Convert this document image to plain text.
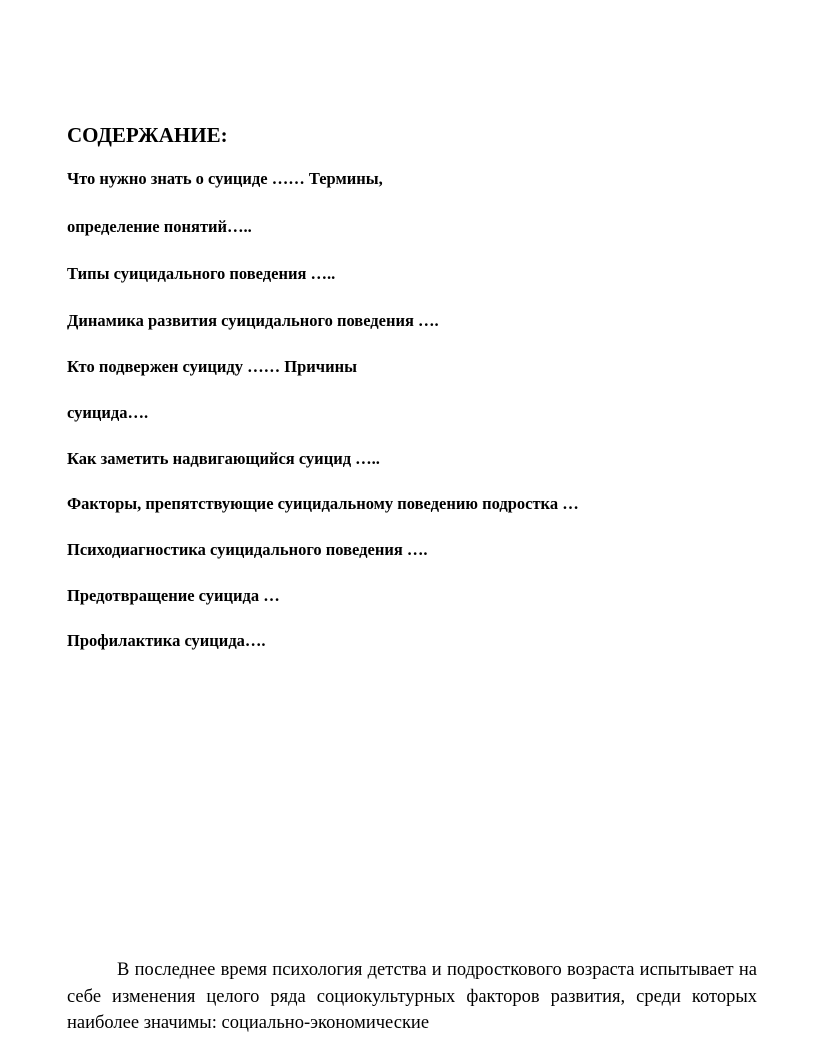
СОДЕРЖАНИЕ:

Что нужно знать о суициде …… Термины,

определение понятий…..

Типы суицидального поведения …..

Динамика развития суицидального поведения ….

Кто подвержен суициду …… Причины

суицида….

Как заметить надвигающийся суицид …..

Факторы, препятствующие суицидальному поведению подростка …

Психодиагностика суицидального поведения ….

Предотвращение суицида …

Профилактика суицида….

В последнее время психология детства и подросткового возраста испытывает на себе изменения целого ряда социокультурных факторов развития, среди которых наиболее значимы: социально-экономические
